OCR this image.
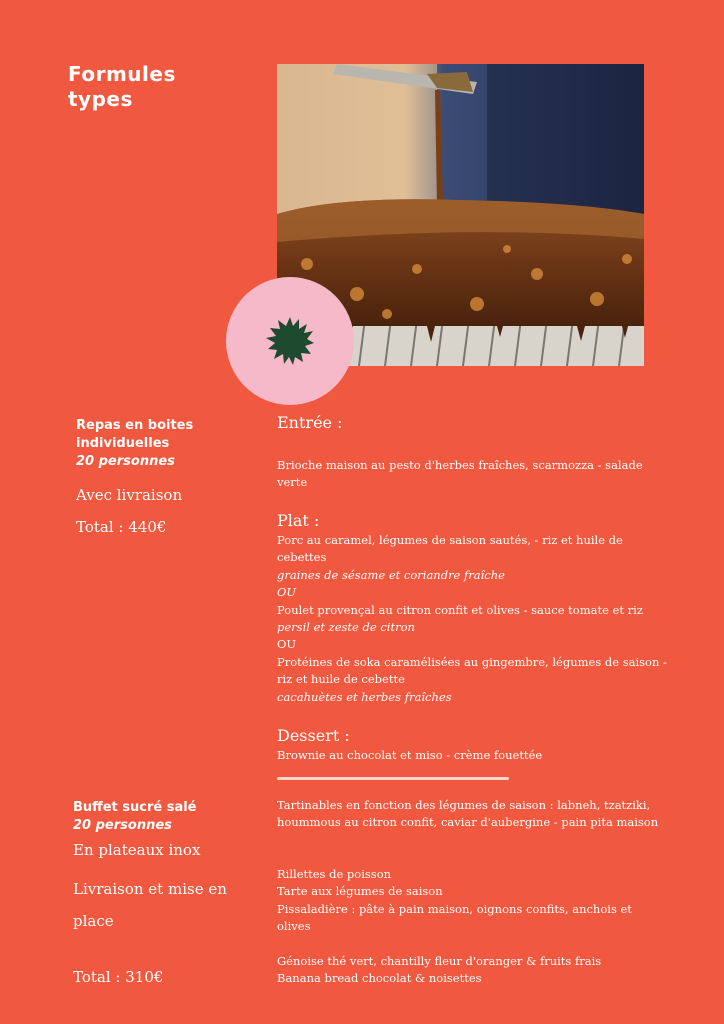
Formules types
Repas en boites individuelles
20 personnes

Avec livraison

Total : 440€

Entrée :

Brioche maison au pesto d'herbes fraîches, scarmozza - salade verte

Plat :
Porc au caramel, légumes de saison sautés, - riz et huile de cebettes
graines de sésame et coriandre fraîche
OU
Poulet provençal au citron confit et olives - sauce tomate et riz
persil et zeste de citron
OU
Protéines de soka caramélisées au gingembre, légumes de saison - riz et huile de cebette
cacahuètes et herbes fraîches
Dessert :

Brownie au chocolat et miso - crème fouettée

Buffet sucré salé
20 personnes

En plateaux inox

Livraison et mise en place

Total : 310€

Tartinables en fonction des légumes de saison : labneh, tzatziki, hoummous au citron confit, caviar d'aubergine - pain pita maison

Rillettes de poisson
Tarte aux légumes de saison
Pissaladière : pâte à pain maison, oignons confits, anchois et olives
Génoise thé vert, chantilly fleur d'oranger & fruits frais
Banana bread chocolat & noisettes
